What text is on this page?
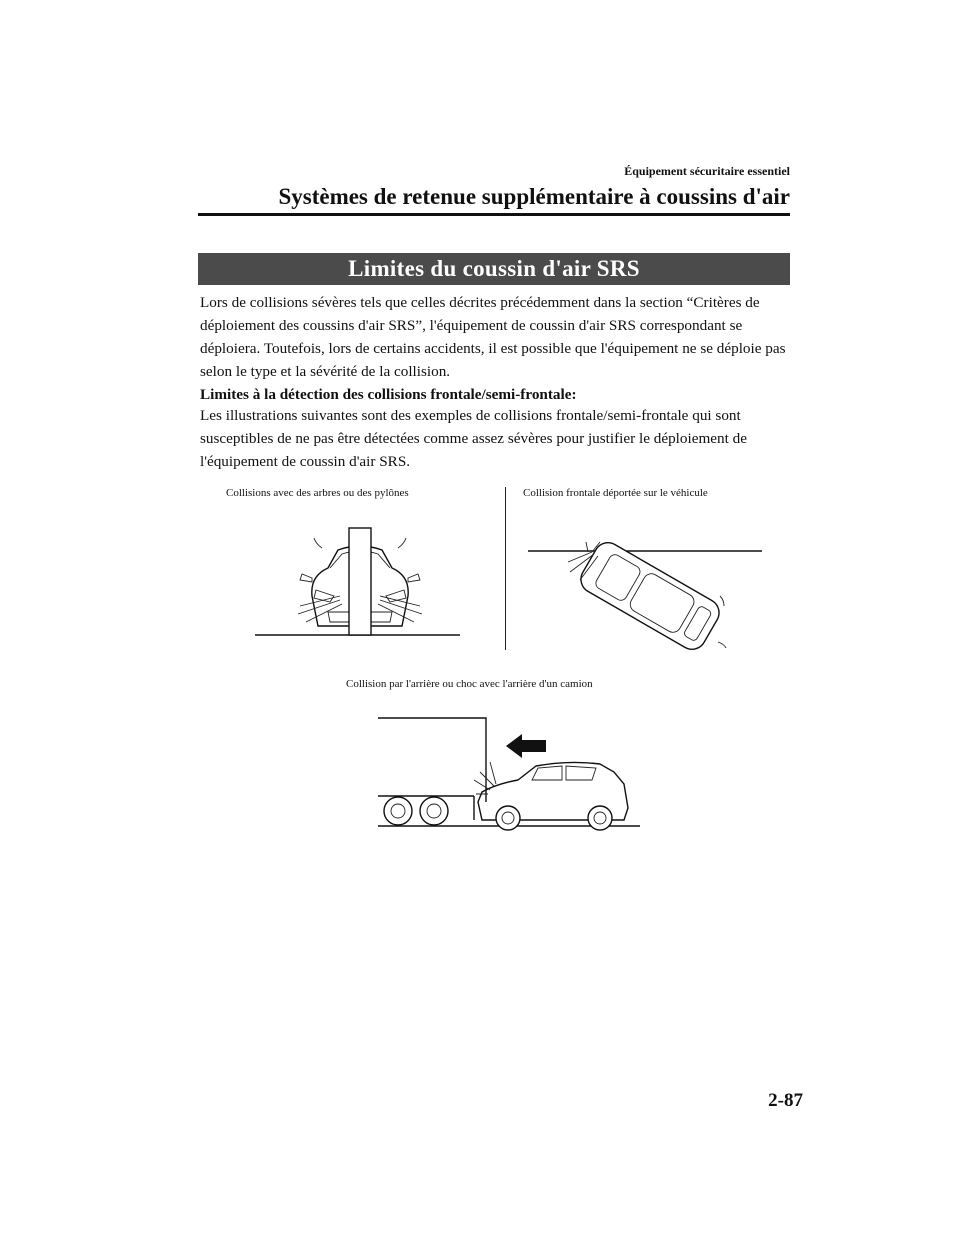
Équipement sécuritaire essentiel
Systèmes de retenue supplémentaire à coussins d'air
Limites du coussin d'air SRS
Lors de collisions sévères tels que celles décrites précédemment dans la section “Critères de déploiement des coussins d'air SRS”, l'équipement de coussin d'air SRS correspondant se déploiera. Toutefois, lors de certains accidents, il est possible que l'équipement ne se déploie pas selon le type et la sévérité de la collision.
Limites à la détection des collisions frontale/semi-frontale:
Les illustrations suivantes sont des exemples de collisions frontale/semi-frontale qui sont susceptibles de ne pas être détectées comme assez sévères pour justifier le déploiement de l'équipement de coussin d'air SRS.
Collisions avec des arbres ou des pylônes	Collision frontale déportée sur le véhicule
Collision par l'arrière ou choc avec l'arrière d'un camion
2-87
